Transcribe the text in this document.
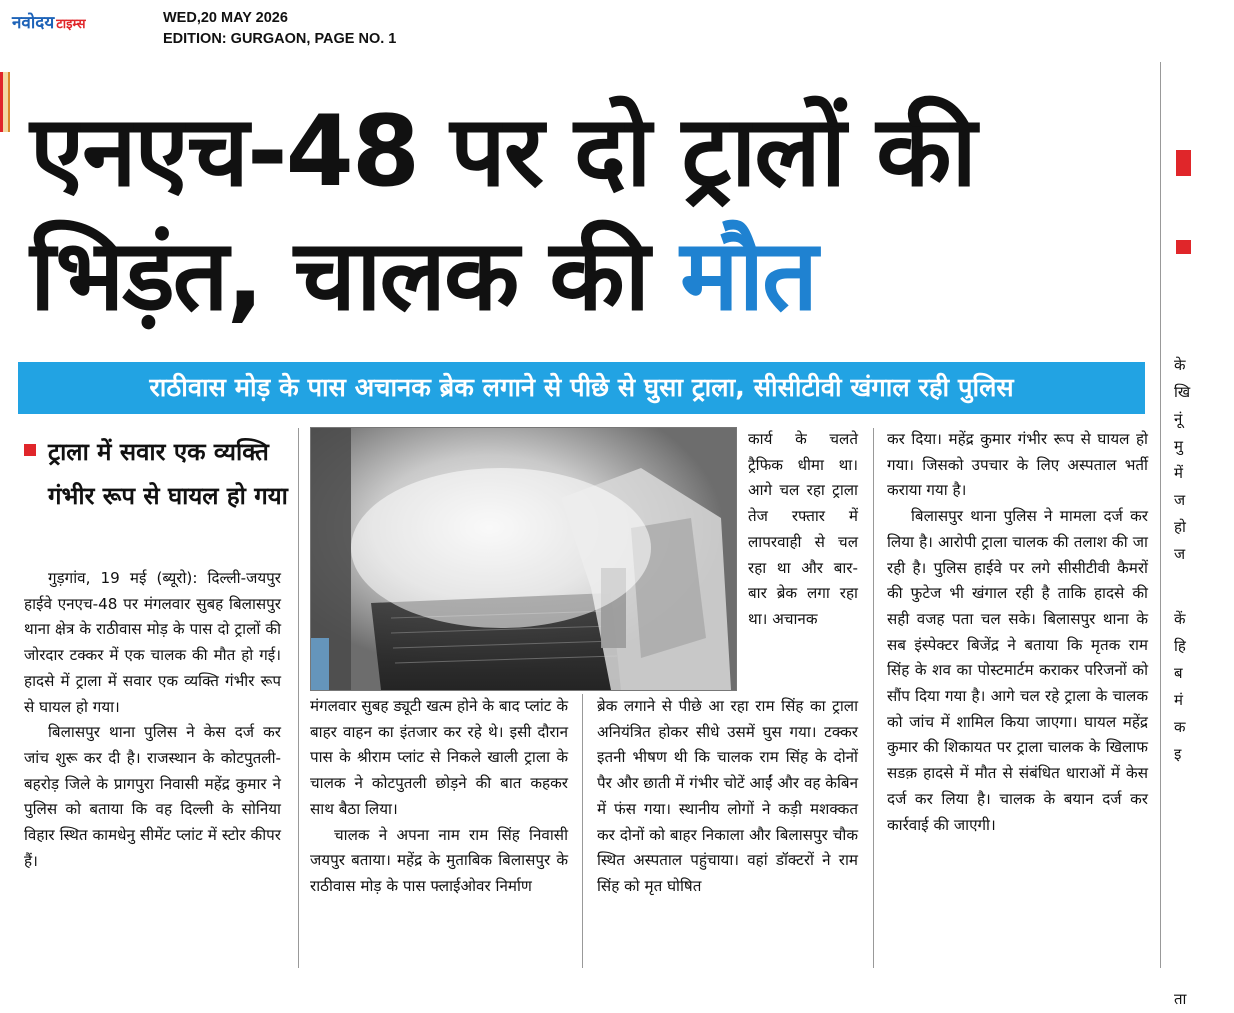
नवोदय टाइम्स	WED,20 MAY 2026
EDITION: GURGAON, PAGE NO. 1
एनएच-48 पर दो ट्रालों की
भिड़ंत, चालक की मौत
राठीवास मोड़ के पास अचानक ब्रेक लगाने से पीछे से घुसा ट्राला, सीसीटीवी खंगाल रही पुलिस
ट्राला में सवार एक व्यक्ति गंभीर रूप से घायल हो गया

गुड़गांव, 19 मई (ब्यूरो): दिल्ली-जयपुर हाईवे एनएच-48 पर मंगलवार सुबह बिलासपुर थाना क्षेत्र के राठीवास मोड़ के पास दो ट्रालों की जोरदार टक्कर में एक चालक की मौत हो गई। हादसे में ट्राला में सवार एक व्यक्ति गंभीर रूप से घायल हो गया।

बिलासपुर थाना पुलिस ने केस दर्ज कर जांच शुरू कर दी है। राजस्थान के कोटपुतली-बहरोड़ जिले के प्रागपुरा निवासी महेंद्र कुमार ने पुलिस को बताया कि वह दिल्ली के सोनिया विहार स्थित कामधेनु सीमेंट प्लांट में स्टोर कीपर हैं।

मंगलवार सुबह ड्यूटी खत्म होने के बाद प्लांट के बाहर वाहन का इंतजार कर रहे थे। इसी दौरान पास के श्रीराम प्लांट से निकले खाली ट्राला के चालक ने कोटपुतली छोड़ने की बात कहकर साथ बैठा लिया।

चालक ने अपना नाम राम सिंह निवासी जयपुर बताया। महेंद्र के मुताबिक बिलासपुर के राठीवास मोड़ के पास फ्लाईओवर निर्माण

कार्य के चलते ट्रैफिक धीमा था। आगे चल रहा ट्राला तेज रफ्तार में लापरवाही से चल रहा था और बार-बार ब्रेक लगा रहा था। अचानक

ब्रेक लगाने से पीछे आ रहा राम सिंह का ट्राला अनियंत्रित होकर सीधे उसमें घुस गया। टक्कर इतनी भीषण थी कि चालक राम सिंह के दोनों पैर और छाती में गंभीर चोटें आईं और वह केबिन में फंस गया। स्थानीय लोगों ने कड़ी मशक्कत कर दोनों को बाहर निकाला और बिलासपुर चौक स्थित अस्पताल पहुंचाया। वहां डॉक्टरों ने राम सिंह को मृत घोषित

कर दिया। महेंद्र कुमार गंभीर रूप से घायल हो गया। जिसको उपचार के लिए अस्पताल भर्ती कराया गया है।

बिलासपुर थाना पुलिस ने मामला दर्ज कर लिया है। आरोपी ट्राला चालक की तलाश की जा रही है। पुलिस हाईवे पर लगे सीसीटीवी कैमरों की फुटेज भी खंगाल रही है ताकि हादसे की सही वजह पता चल सके। बिलासपुर थाना के सब इंस्पेक्टर बिजेंद्र ने बताया कि मृतक राम सिंह के शव का पोस्टमार्टम कराकर परिजनों को सौंप दिया गया है। आगे चल रहे ट्राला के चालक को जांच में शामिल किया जाएगा। घायल महेंद्र कुमार की शिकायत पर ट्राला चालक के खिलाफ सडक़ हादसे में मौत से संबंधित धाराओं में केस दर्ज कर लिया है। चालक के बयान दर्ज कर कार्रवाई की जाएगी।

के
खि
नूं
मु
में
ज
हो
ज
कें
हि
ब
मं
क
इ
ता
